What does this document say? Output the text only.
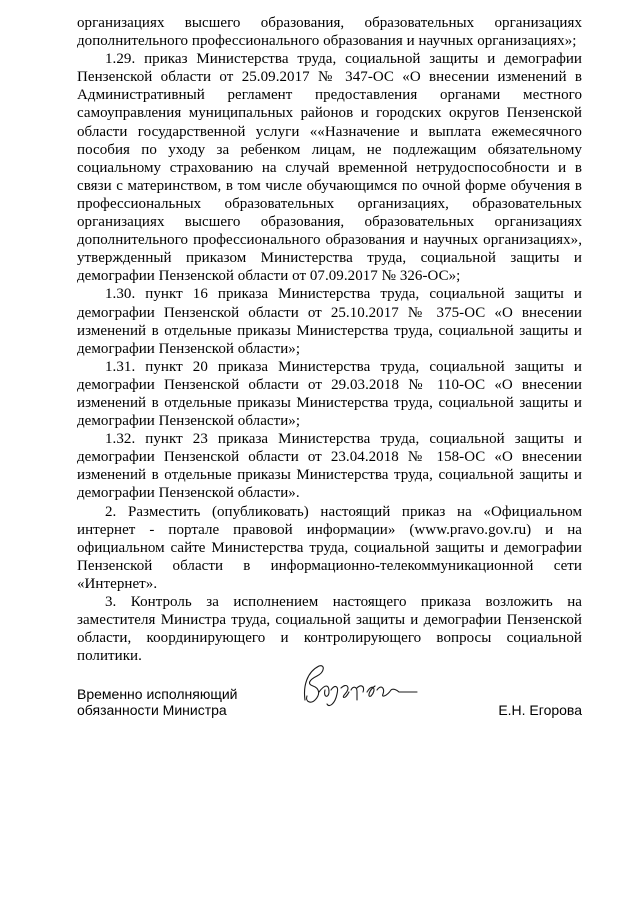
организациях высшего образования, образовательных организациях дополнительного профессионального образования и научных организациях»;

1.29. приказ Министерства труда, социальной защиты и демографии Пензенской области от 25.09.2017 № 347-ОС «О внесении изменений в Административный регламент предоставления органами местного самоуправления муниципальных районов и городских округов Пензенской области государственной услуги ««Назначение и выплата ежемесячного пособия по уходу за ребенком лицам, не подлежащим обязательному социальному страхованию на случай временной нетрудоспособности и в связи с материнством, в том числе обучающимся по очной форме обучения в профессиональных образовательных организациях, образовательных организациях высшего образования, образовательных организациях дополнительного профессионального образования и научных организациях», утвержденный приказом Министерства труда, социальной защиты и демографии Пензенской области от 07.09.2017 № 326-ОС»;

1.30. пункт 16 приказа Министерства труда, социальной защиты и демографии Пензенской области от 25.10.2017 № 375-ОС «О внесении изменений в отдельные приказы Министерства труда, социальной защиты и демографии Пензенской области»;

1.31. пункт 20 приказа Министерства труда, социальной защиты и демографии Пензенской области от 29.03.2018 № 110-ОС «О внесении изменений в отдельные приказы Министерства труда, социальной защиты и демографии Пензенской области»;

1.32. пункт 23 приказа Министерства труда, социальной защиты и демографии Пензенской области от 23.04.2018 № 158-ОС «О внесении изменений в отдельные приказы Министерства труда, социальной защиты и демографии Пензенской области».

2. Разместить (опубликовать) настоящий приказ на «Официальном интернет - портале правовой информации» (www.pravo.gov.ru) и на официальном сайте Министерства труда, социальной защиты и демографии Пензенской области в информационно-телекоммуникационной сети «Интернет».

3. Контроль за исполнением настоящего приказа возложить на заместителя Министра труда, социальной защиты и демографии Пензенской области, координирующего и контролирующего вопросы социальной политики.

Временно исполняющий
обязанности Министра	Е.Н. Егорова
